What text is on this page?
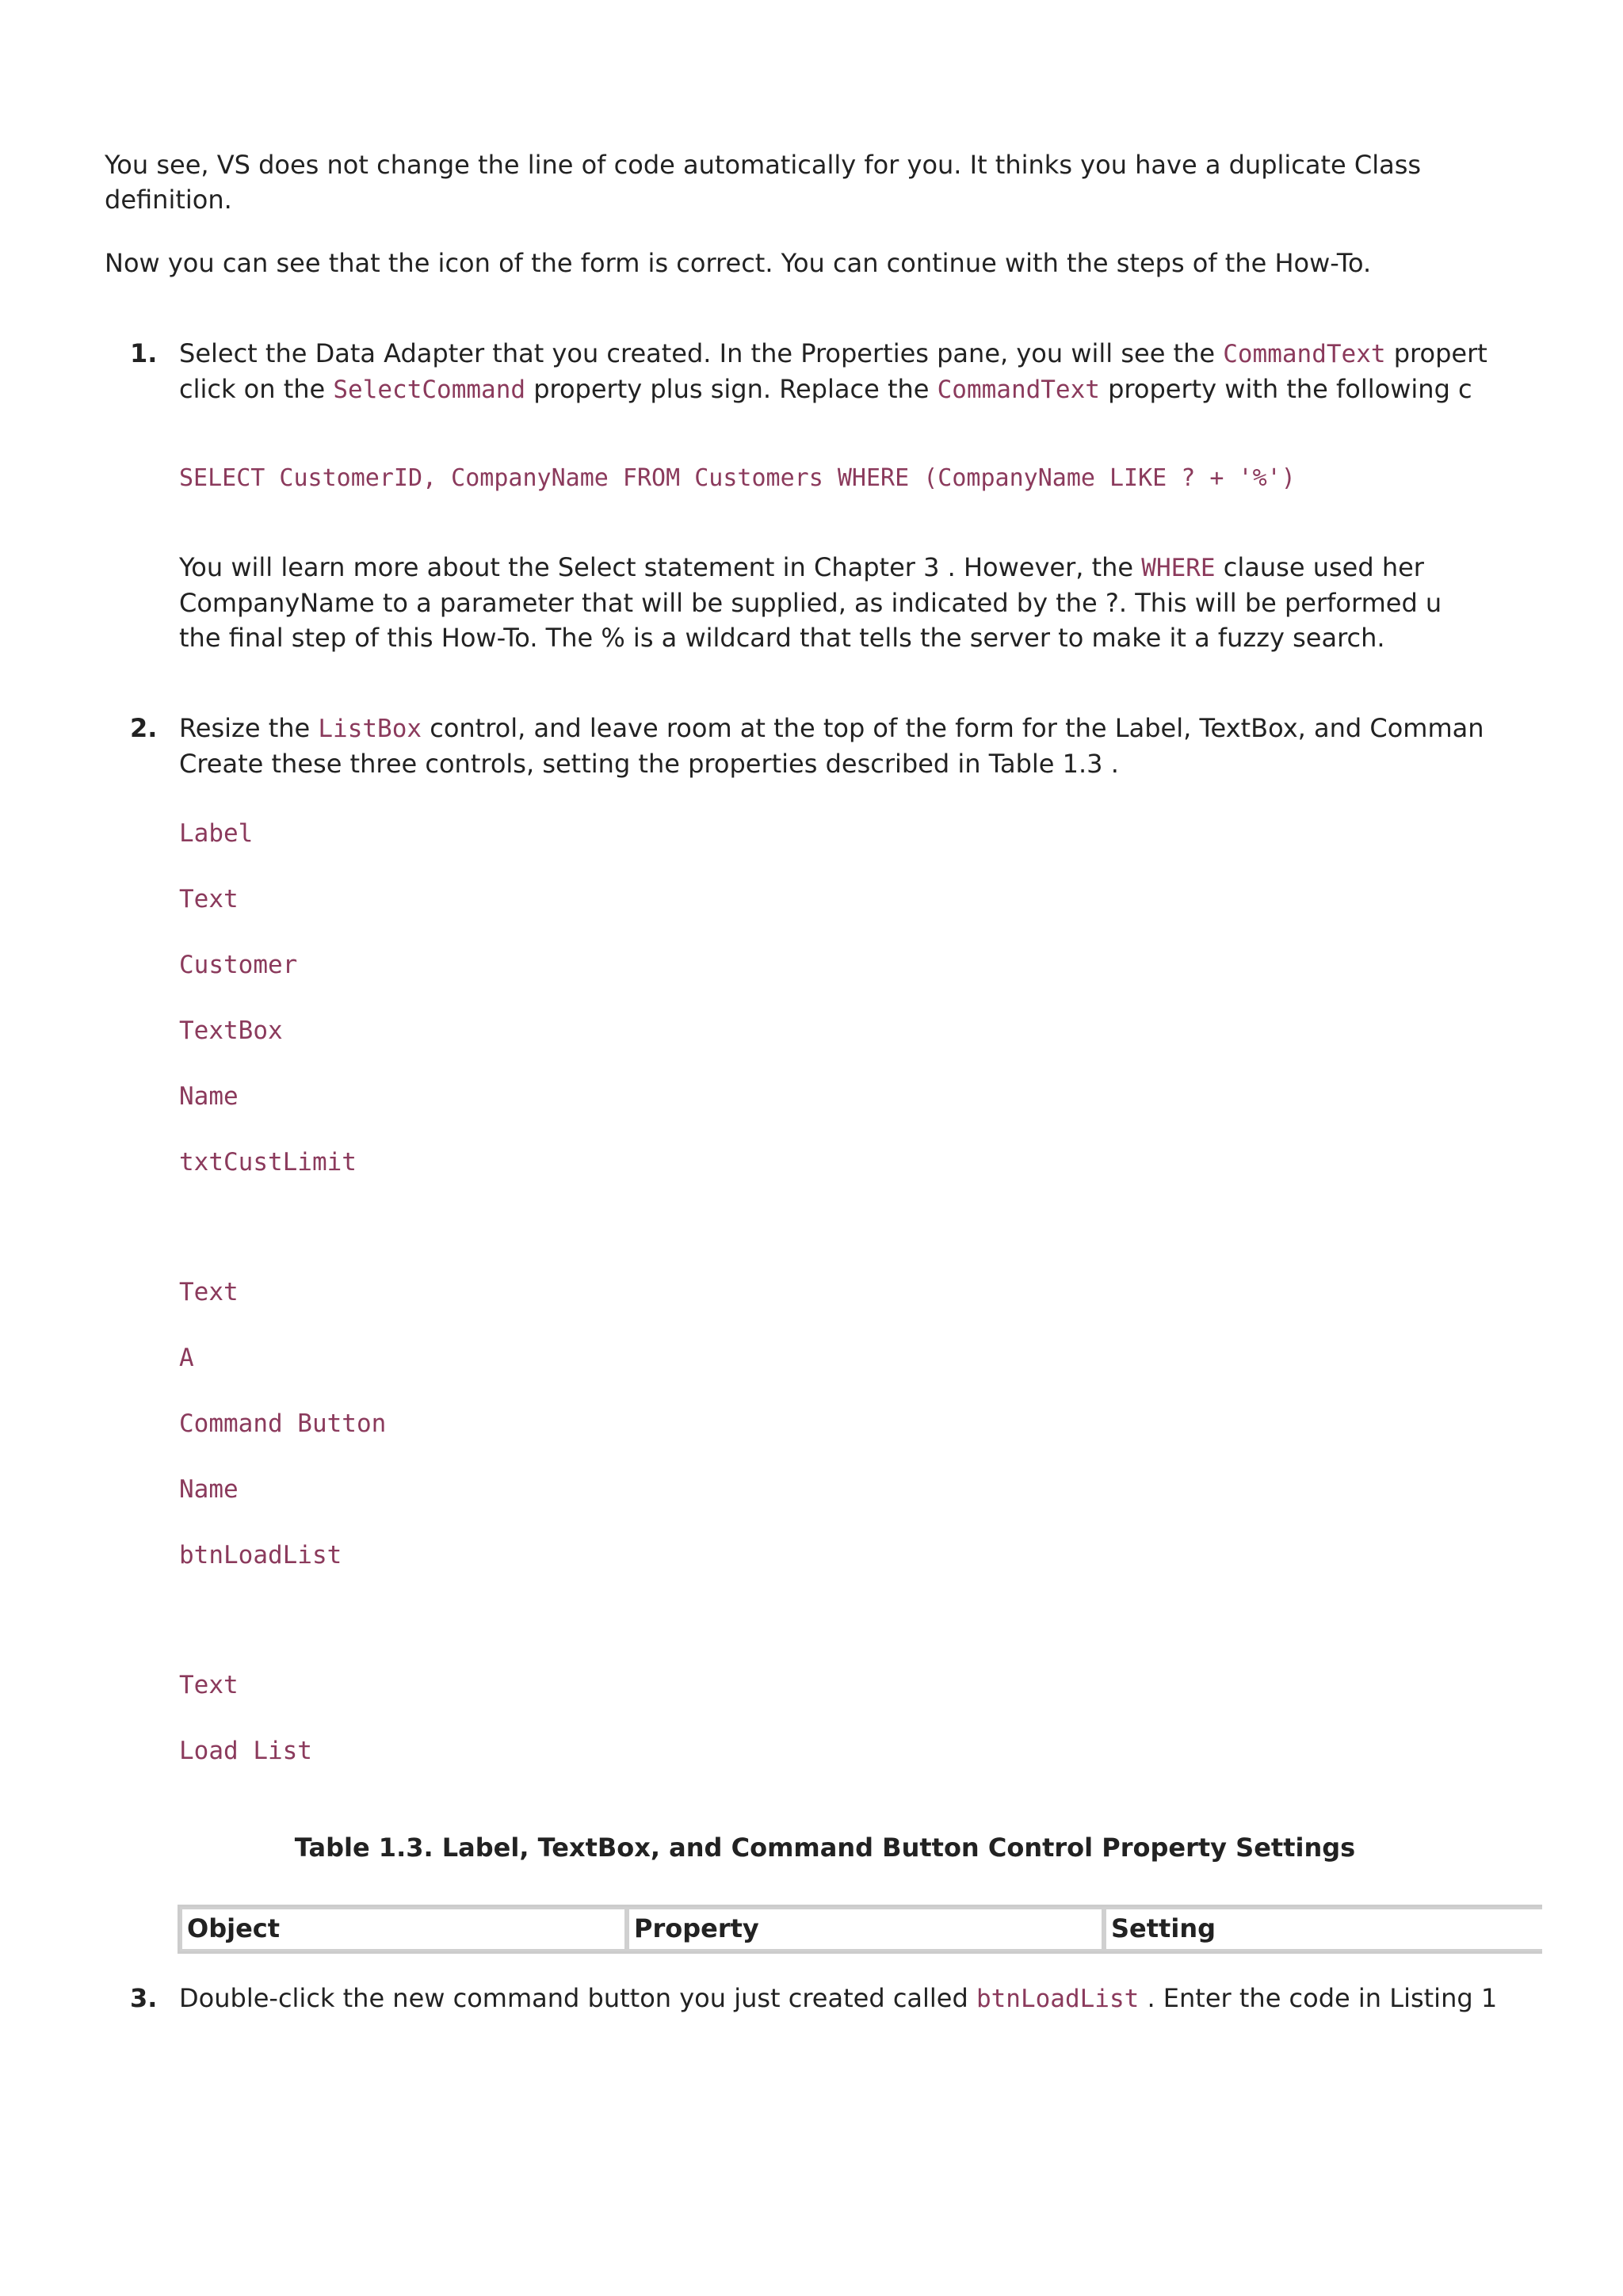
You see, VS does not change the line of code automatically for you. It thinks you have a duplicate Class definition.

Now you can see that the icon of the form is correct. You can continue with the steps of the How-To.

1. Select the Data Adapter that you created. In the Properties pane, you will see the CommandText propert
click on the SelectCommand property plus sign. Replace the CommandText property with the following c
SELECT CustomerID, CompanyName FROM Customers WHERE (CompanyName LIKE ? + '%')
You will learn more about the Select statement in Chapter 3 . However, the WHERE clause used her
CompanyName to a parameter that will be supplied, as indicated by the ?. This will be performed u
the final step of this How-To. The % is a wildcard that tells the server to make it a fuzzy search.
2. Resize the ListBox control, and leave room at the top of the form for the Label, TextBox, and Comman
Create these three controls, setting the properties described in Table 1.3 .
Label
Text
Customer
TextBox
Name
txtCustLimit
Text
A
Command Button
Name
btnLoadList
Text
Load List
Table 1.3. Label, TextBox, and Command Button Control Property Settings
Object	Property	Setting
3. Double-click the new command button you just created called btnLoadList . Enter the code in Listing 1
